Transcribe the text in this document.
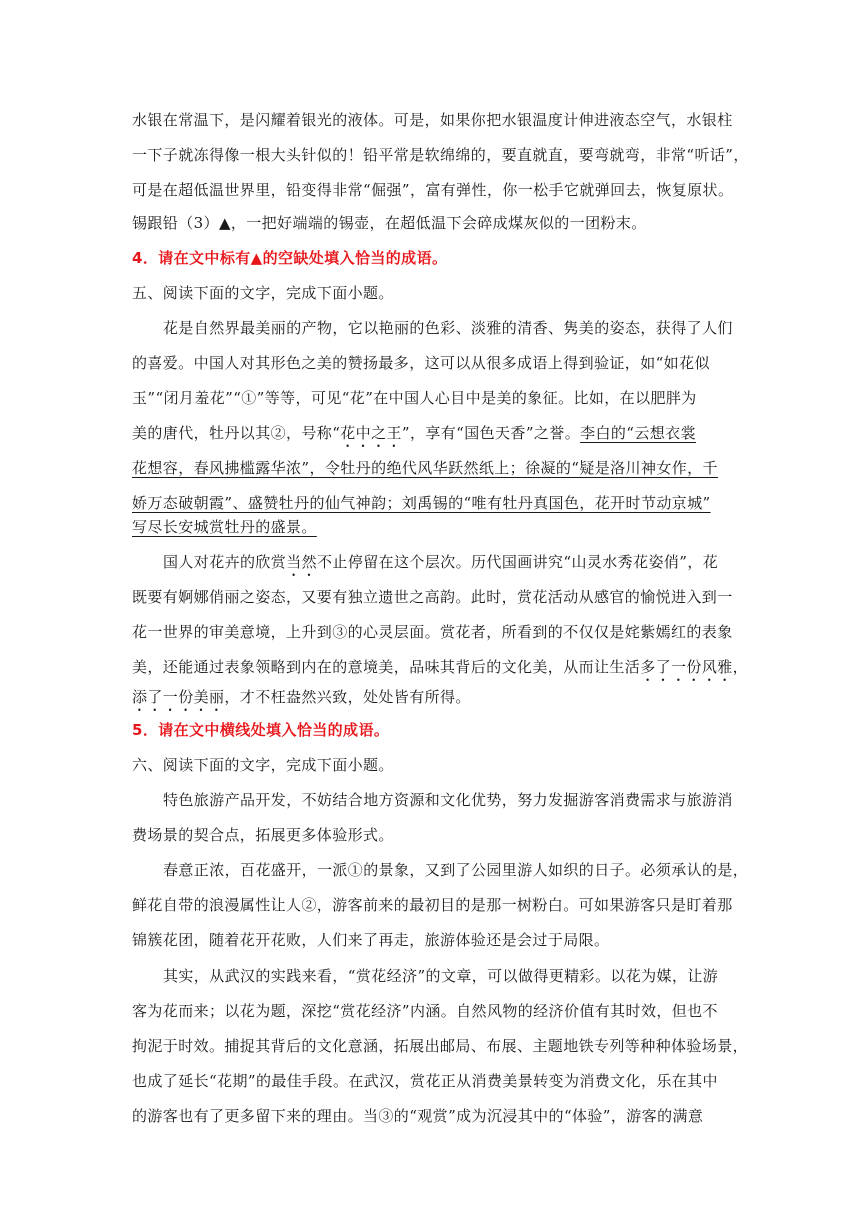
水银在常温下，是闪耀着银光的液体。可是，如果你把水银温度计伸进液态空气，水银柱
一下子就冻得像一根大头针似的！铅平常是软绵绵的，要直就直，要弯就弯，非常“听话”，
可是在超低温世界里，铅变得非常“倔强”，富有弹性，你一松手它就弹回去，恢复原状。
锡跟铅（3）▲，一把好端端的锡壶，在超低温下会碎成煤灰似的一团粉末。
4．请在文中标有▲的空缺处填入恰当的成语。
五、阅读下面的文字，完成下面小题。
花是自然界最美丽的产物，它以艳丽的色彩、淡雅的清香、隽美的姿态，获得了人们
的喜爱。中国人对其形色之美的赞扬最多，这可以从很多成语上得到验证，如“如花似
玉”“闭月羞花”“①”等等，可见“花”在中国人心目中是美的象征。比如，在以肥胖为
美的唐代，牡丹以其②，号称“花中之王”，享有“国色天香”之誉。李白的“云想衣裳
花想容，春风拂槛露华浓”，令牡丹的绝代风华跃然纸上；徐凝的“疑是洛川神女作，千
娇万态破朝霞”、盛赞牡丹的仙气神韵；刘禹锡的“唯有牡丹真国色，花开时节动京城”
写尽长安城赏牡丹的盛景。
国人对花卉的欣赏当然不止停留在这个层次。历代国画讲究“山灵水秀花姿俏”，花
既要有婀娜俏丽之姿态，又要有独立遗世之高韵。此时，赏花活动从感官的愉悦进入到一
花一世界的审美意境，上升到③的心灵层面。赏花者，所看到的不仅仅是姹紫嫣红的表象
美，还能通过表象领略到内在的意境美，品味其背后的文化美，从而让生活多了一份风雅，
添了一份美丽，才不枉盎然兴致，处处皆有所得。
5．请在文中横线处填入恰当的成语。
六、阅读下面的文字，完成下面小题。
特色旅游产品开发，不妨结合地方资源和文化优势，努力发掘游客消费需求与旅游消
费场景的契合点，拓展更多体验形式。
春意正浓，百花盛开，一派①的景象，又到了公园里游人如织的日子。必须承认的是，
鲜花自带的浪漫属性让人②，游客前来的最初目的是那一树粉白。可如果游客只是盯着那
锦簇花团，随着花开花败，人们来了再走，旅游体验还是会过于局限。
其实，从武汉的实践来看，“赏花经济”的文章，可以做得更精彩。以花为媒，让游
客为花而来；以花为题，深挖“赏花经济”内涵。自然风物的经济价值有其时效，但也不
拘泥于时效。捕捉其背后的文化意涵，拓展出邮局、布展、主题地铁专列等种种体验场景，
也成了延长“花期”的最佳手段。在武汉，赏花正从消费美景转变为消费文化，乐在其中
的游客也有了更多留下来的理由。当③的“观赏”成为沉浸其中的“体验”，游客的满意
